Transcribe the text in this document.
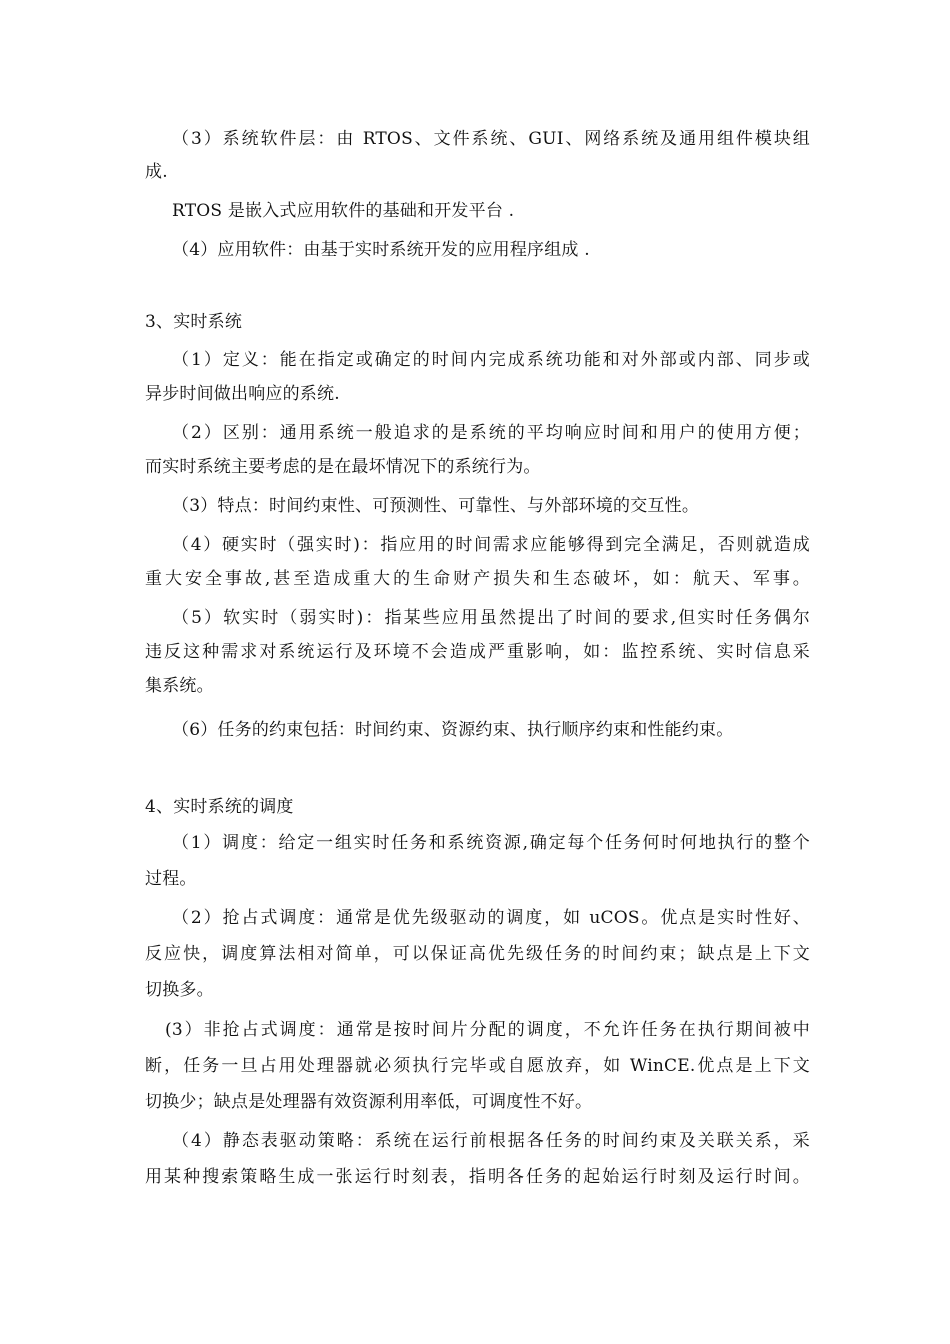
（3）系统软件层：由 RTOS、文件系统、GUI、网络系统及通用组件模块组
成.
RTOS 是嵌入式应用软件的基础和开发平台 .
（4）应用软件：由基于实时系统开发的应用程序组成 .
3、实时系统
（1）定义：能在指定或确定的时间内完成系统功能和对外部或内部、同步或
异步时间做出响应的系统.
（2）区别：通用系统一般追求的是系统的平均响应时间和用户的使用方便；
而实时系统主要考虑的是在最坏情况下的系统行为。
（3）特点：时间约束性、可预测性、可靠性、与外部环境的交互性。
（4）硬实时（强实时)：指应用的时间需求应能够得到完全满足，否则就造成
重大安全事故,甚至造成重大的生命财产损失和生态破坏，如：航天、军事。
（5）软实时（弱实时)：指某些应用虽然提出了时间的要求,但实时任务偶尔
违反这种需求对系统运行及环境不会造成严重影响，如：监控系统、实时信息采
集系统。
（6）任务的约束包括：时间约束、资源约束、执行顺序约束和性能约束。
4、实时系统的调度
（1）调度：给定一组实时任务和系统资源,确定每个任务何时何地执行的整个
过程。
（2）抢占式调度：通常是优先级驱动的调度，如 uCOS。优点是实时性好、
反应快，调度算法相对简单，可以保证高优先级任务的时间约束；缺点是上下文
切换多。
(3）非抢占式调度：通常是按时间片分配的调度，不允许任务在执行期间被中
断，任务一旦占用处理器就必须执行完毕或自愿放弃，如 WinCE.优点是上下文
切换少；缺点是处理器有效资源利用率低，可调度性不好。
（4）静态表驱动策略：系统在运行前根据各任务的时间约束及关联关系，采
用某种搜索策略生成一张运行时刻表，指明各任务的起始运行时刻及运行时间。
